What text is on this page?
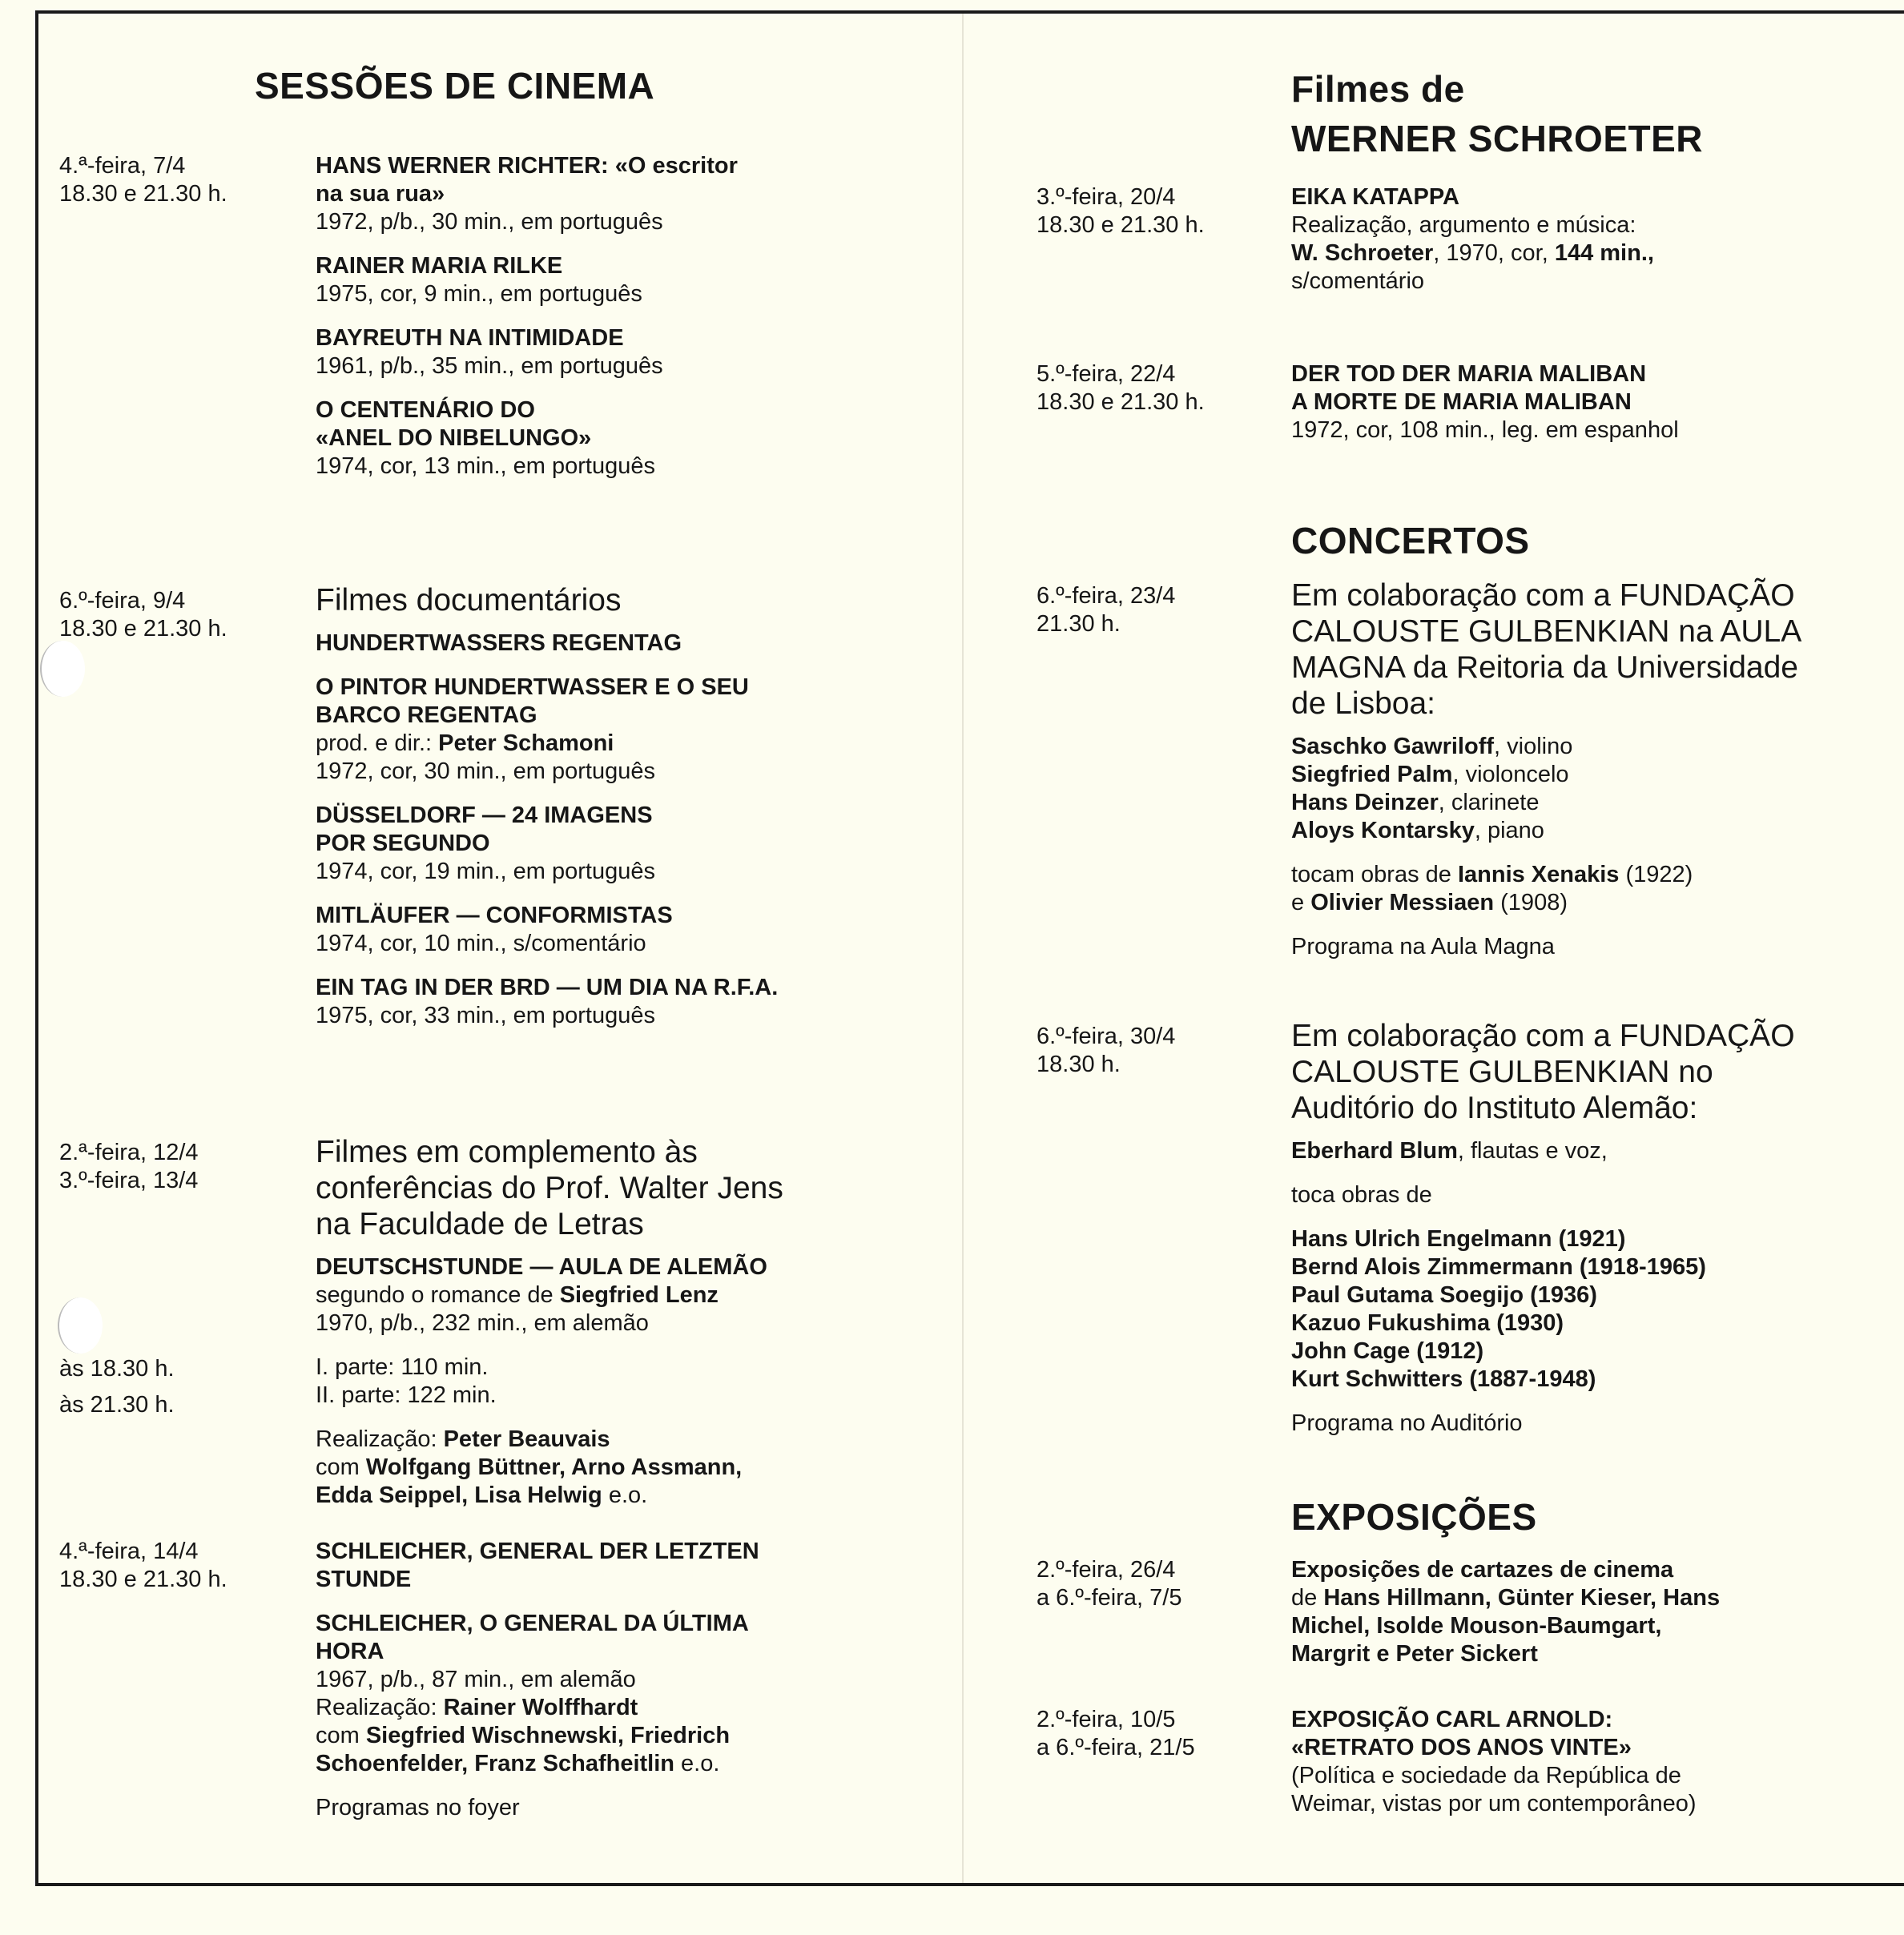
SESSÕES DE CINEMA	Filmes de
WERNER SCHROETER
CONCERTOS
EXPOSIÇÕES
4.ª-feira, 7/4
18.30 e 21.30 h.
HANS WERNER RICHTER: «O escritor
na sua rua»
1972, p/b., 30 min., em português
RAINER MARIA RILKE
1975, cor, 9 min., em português
BAYREUTH NA INTIMIDADE
1961, p/b., 35 min., em português
O CENTENÁRIO DO
«ANEL DO NIBELUNGO»
1974, cor, 13 min., em português
6.º-feira, 9/4
18.30 e 21.30 h.
Filmes documentários
HUNDERTWASSERS REGENTAG
O PINTOR HUNDERTWASSER E O SEU
BARCO REGENTAG
prod. e dir.: Peter Schamoni
1972, cor, 30 min., em português
DÜSSELDORF — 24 IMAGENS
POR SEGUNDO
1974, cor, 19 min., em português
MITLÄUFER — CONFORMISTAS
1974, cor, 10 min., s/comentário
EIN TAG IN DER BRD — UM DIA NA R.F.A.
1975, cor, 33 min., em português
2.ª-feira, 12/4
3.º-feira, 13/4
às 18.30 h.
às 21.30 h.
Filmes em complemento às
conferências do Prof. Walter Jens
na Faculdade de Letras
DEUTSCHSTUNDE — AULA DE ALEMÃO
segundo o romance de Siegfried Lenz
1970, p/b., 232 min., em alemão
I. parte: 110 min.
II. parte: 122 min.
Realização: Peter Beauvais
com Wolfgang Büttner, Arno Assmann,
Edda Seippel, Lisa Helwig e.o.
4.ª-feira, 14/4
18.30 e 21.30 h.
SCHLEICHER, GENERAL DER LETZTEN
STUNDE
SCHLEICHER, O GENERAL DA ÚLTIMA
HORA
1967, p/b., 87 min., em alemão
Realização: Rainer Wolffhardt
com Siegfried Wischnewski, Friedrich
Schoenfelder, Franz Schafheitlin e.o.
Programas no foyer
3.º-feira, 20/4
18.30 e 21.30 h.
EIKA KATAPPA
Realização, argumento e música:
W. Schroeter, 1970, cor, 144 min.,
s/comentário
5.º-feira, 22/4
18.30 e 21.30 h.
DER TOD DER MARIA MALIBAN
A MORTE DE MARIA MALIBAN
1972, cor, 108 min., leg. em espanhol
6.º-feira, 23/4
21.30 h.
Em colaboração com a FUNDAÇÃO
CALOUSTE GULBENKIAN na AULA
MAGNA da Reitoria da Universidade
de Lisboa:
Saschko Gawriloff, violino
Siegfried Palm, violoncelo
Hans Deinzer, clarinete
Aloys Kontarsky, piano
tocam obras de Iannis Xenakis (1922)
e Olivier Messiaen (1908)
Programa na Aula Magna
6.º-feira, 30/4
18.30 h.
Em colaboração com a FUNDAÇÃO
CALOUSTE GULBENKIAN no
Auditório do Instituto Alemão:
Eberhard Blum, flautas e voz,
toca obras de
Hans Ulrich Engelmann (1921)
Bernd Alois Zimmermann (1918-1965)
Paul Gutama Soegijo (1936)
Kazuo Fukushima (1930)
John Cage (1912)
Kurt Schwitters (1887-1948)
Programa no Auditório
2.º-feira, 26/4
a 6.º-feira, 7/5
Exposições de cartazes de cinema
de Hans Hillmann, Günter Kieser, Hans
Michel, Isolde Mouson-Baumgart,
Margrit e Peter Sickert
2.º-feira, 10/5
a 6.º-feira, 21/5
EXPOSIÇÃO CARL ARNOLD:
«RETRATO DOS ANOS VINTE»
(Política e sociedade da República de
Weimar, vistas por um contemporâneo)
